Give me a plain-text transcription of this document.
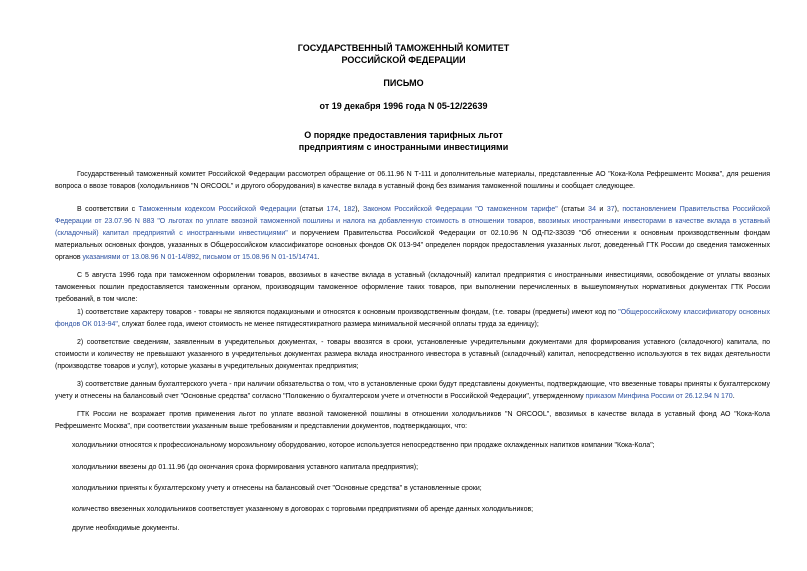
ГОСУДАРСТВЕННЫЙ ТАМОЖЕННЫЙ КОМИТЕТ
РОССИЙСКОЙ ФЕДЕРАЦИИ
ПИСЬМО
от 19 декабря 1996 года N 05-12/22639
О порядке предоставления тарифных льгот
предприятиям с иностранными инвестициями
Государственный таможенный комитет Российской Федерации рассмотрел обращение от 06.11.96 N Т-111 и дополнительные материалы, представленные АО "Кока-Кола Рефрешментс Москва", для решения вопроса о ввозе товаров (холодильников "N ORCOOL" и другого оборудования) в качестве вклада в уставный фонд без взимания таможенной пошлины и сообщает следующее.
В соответствии с Таможенным кодексом Российской Федерации (статьи 174, 182), Законом Российской Федерации "О таможенном тарифе" (статьи 34 и 37), постановлением Правительства Российской Федерации от 23.07.96 N 883 "О льготах по уплате ввозной таможенной пошлины и налога на добавленную стоимость в отношении товаров, ввозимых иностранными инвесторами в качестве вклада в уставный (складочный) капитал предприятий с иностранными инвестициями" и поручением Правительства Российской Федерации от 02.10.96 N ОД-П2-33039 "Об отнесении к основным производственным фондам материальных основных фондов, указанных в Общероссийском классификаторе основных фондов ОК 013-94" определен порядок предоставления указанных льгот, доведенный ГТК России до сведения таможенных органов указаниями от 13.08.96 N 01-14/892, письмом от 15.08.96 N 01-15/14741.
С 5 августа 1996 года при таможенном оформлении товаров, ввозимых в качестве вклада в уставный (складочный) капитал предприятия с иностранными инвестициями, освобождение от уплаты ввозных таможенных пошлин предоставляется таможенным органом, производящим таможенное оформление таких товаров, при выполнении перечисленных в вышеупомянутых нормативных документах ГТК России требований, в том числе:
1) соответствие характеру товаров - товары не являются подакцизными и относятся к основным производственным фондам, (т.е. товары (предметы) имеют код по "Общероссийскому классификатору основных фондов ОК 013-94", служат более года, имеют стоимость не менее пятидесятикратного размера минимальной месячной оплаты труда за единицу);
2) соответствие сведениям, заявленным в учредительных документах, - товары ввозятся в сроки, установленные учредительными документами для формирования уставного (складочного) капитала, по стоимости и количеству не превышают указанного в учредительных документах размера вклада иностранного инвестора в уставный (складочный) капитал, непосредственно используются в тех видах деятельности (производстве товаров и услуг), которые указаны в учредительных документах предприятия;
3) соответствие данным бухгалтерского учета - при наличии обязательства о том, что в установленные сроки будут представлены документы, подтверждающие, что ввезенные товары приняты к бухгалтерскому учету и отнесены на балансовый счет "Основные средства" согласно "Положению о бухгалтерском учете и отчетности в Российской Федерации", утвержденному приказом Минфина России от 26.12.94 N 170.
ГТК России не возражает против применения льгот по уплате ввозной таможенной пошлины в отношении холодильников "N ORCOOL", ввозимых в качестве вклада в уставный фонд АО "Кока-Кола Рефрешментс Москва", при соответствии указанным выше требованиям и представлении документов, подтверждающих, что:
холодильники относятся к профессиональному морозильному оборудованию, которое используется непосредственно при продаже охлажденных напитков компании "Кока-Кола";
холодильники ввезены до 01.11.96 (до окончания срока формирования уставного капитала предприятия);
холодильники приняты к бухгалтерскому учету и отнесены на балансовый счет "Основные средства" в установленные сроки;
количество ввезенных холодильников соответствует указанному в договорах с торговыми предприятиями об аренде данных холодильников;
другие необходимые документы.
